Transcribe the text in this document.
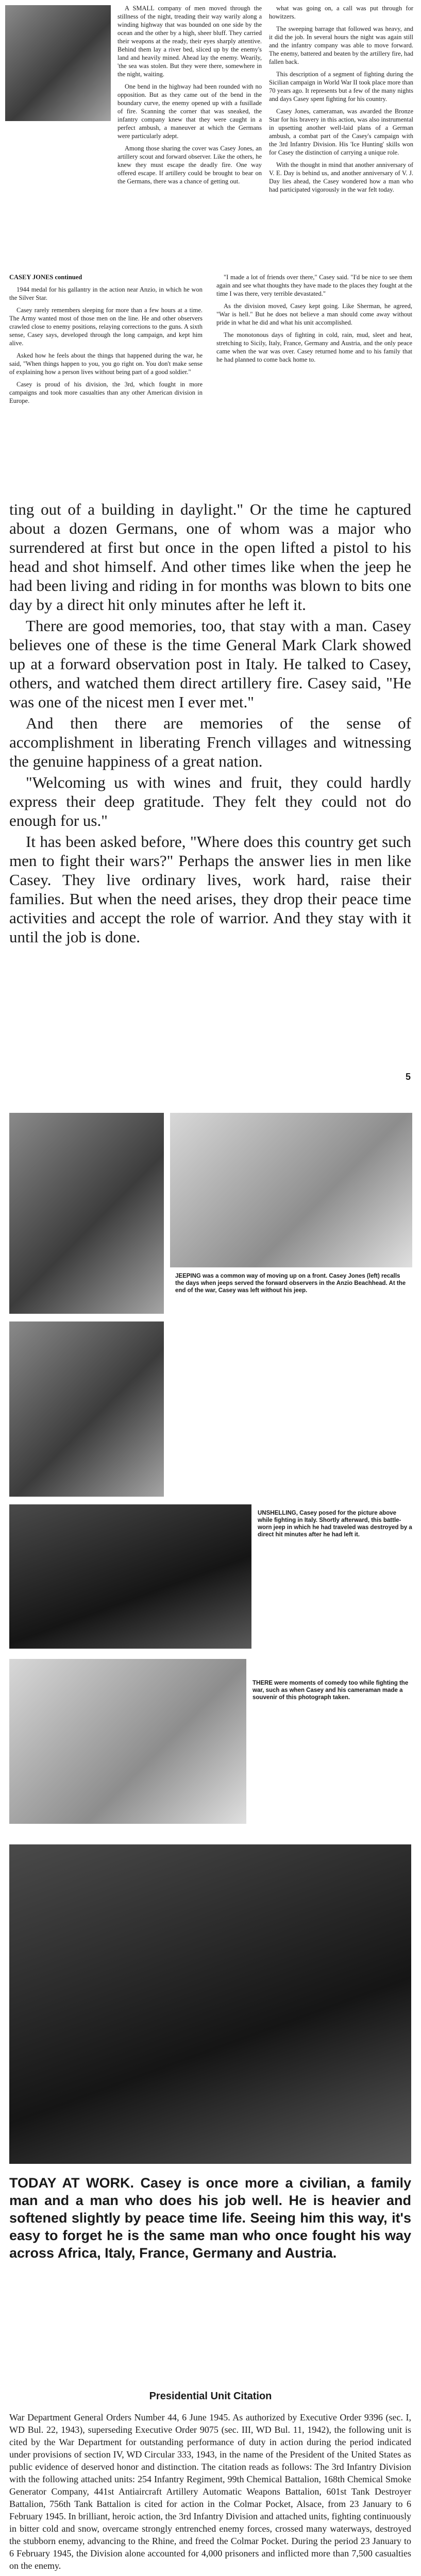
A SMALL company of men moved through the stillness of the night, treading their way warily along a winding highway that was bounded on one side by the ocean and the other by a high, sheer bluff. They carried their weapons at the ready, their eyes sharply attentive. Behind them lay a river bed, sliced up by the enemy's land and heavily mined. Ahead lay the enemy. Wearily, 'the sea was stolen. But they were there, somewhere in the night, waiting.

One bend in the highway had been rounded with no opposition. But as they came out of the bend in the boundary curve, the enemy opened up with a fusillade of fire. Scanning the corner that was sneaked, the infantry company knew that they were caught in a perfect ambush, a maneuver at which the Germans were particularly adept.

Among those sharing the cover was Casey Jones, an artillery scout and forward observer. Like the others, he knew they must escape the deadly fire. One way offered escape. If artillery could be brought to bear on the Germans, there was a chance of getting out.

what was going on, a call was put through for howitzers.

The sweeping barrage that followed was heavy, and it did the job. In several hours the night was again still and the infantry company was able to move forward. The enemy, battered and beaten by the artillery fire, had fallen back.

This description of a segment of fighting during the Sicilian campaign in World War II took place more than 70 years ago. It represents but a few of the many nights and days Casey spent fighting for his country.

Casey Jones, cameraman, was awarded the Bronze Star for his bravery in this action, was also instrumental in upsetting another well-laid plans of a German ambush, a combat part of the Casey's campaign with the 3rd Infantry Division. His 'Ice Hunting' skills won for Casey the distinction of carrying a unique role.

With the thought in mind that another anniversary of V. E. Day is behind us, and another anniversary of V. J. Day lies ahead, the Casey wondered how a man who had participated vigorously in the war felt today.

CASEY JONES continued

1944 medal for his gallantry in the action near Anzio, in which he won the Silver Star.

Casey rarely remembers sleeping for more than a few hours at a time. The Army wanted most of those men on the line. He and other observers crawled close to enemy positions, relaying corrections to the guns. A sixth sense, Casey says, developed through the long campaign, and kept him alive.

Asked how he feels about the things that happened during the war, he said, "When things happen to you, you go right on. You don't make sense of explaining how a person lives without being part of a good soldier."

Casey is proud of his division, the 3rd, which fought in more campaigns and took more casualties than any other American division in Europe.

"I made a lot of friends over there," Casey said. "I'd be nice to see them again and see what thoughts they have made to the places they fought at the time I was there, very terrible devastated."

As the division moved, Casey kept going. Like Sherman, he agreed, "War is hell." But he does not believe a man should come away without pride in what he did and what his unit accomplished.

The monotonous days of fighting in cold, rain, mud, sleet and heat, stretching to Sicily, Italy, France, Germany and Austria, and the only peace came when the war was over. Casey returned home and to his family that he had planned to come back home to.

ting out of a building in daylight." Or the time he captured about a dozen Germans, one of whom was a major who surrendered at first but once in the open lifted a pistol to his head and shot himself. And other times like when the jeep he had been living and riding in for months was blown to bits one day by a direct hit only minutes after he left it.

There are good memories, too, that stay with a man. Casey believes one of these is the time General Mark Clark showed up at a forward observation post in Italy. He talked to Casey, others, and watched them direct artillery fire. Casey said, "He was one of the nicest men I ever met."

And then there are memories of the sense of accomplishment in liberating French villages and witnessing the genuine happiness of a great nation.

"Welcoming us with wines and fruit, they could hardly express their deep gratitude. They felt they could not do enough for us."

It has been asked before, "Where does this country get such men to fight their wars?" Perhaps the answer lies in men like Casey. They live ordinary lives, work hard, raise their families. But when the need arises, they drop their peace time activities and accept the role of warrior. And they stay with it until the job is done.

5
JEEPING was a common way of moving up on a front. Casey Jones (left) recalls the days when jeeps served the forward observers in the Anzio Beachhead. At the end of the war, Casey was left without his jeep.
UNSHELLING, Casey posed for the picture above while fighting in Italy. Shortly afterward, this battle-worn jeep in which he had traveled was destroyed by a direct hit minutes after he had left it.
THERE were moments of comedy too while fighting the war, such as when Casey and his cameraman made a souvenir of this photograph taken.
TODAY AT WORK. Casey is once more a civilian, a family man and a man who does his job well. He is heavier and softened slightly by peace time life. Seeing him this way, it's easy to forget he is the same man who once fought his way across Africa, Italy, France, Germany and Austria.
Presidential Unit Citation
War Department General Orders Number 44, 6 June 1945. As authorized by Executive Order 9396 (sec. I, WD Bul. 22, 1943), superseding Executive Order 9075 (sec. III, WD Bul. 11, 1942), the following unit is cited by the War Department for outstanding performance of duty in action during the period indicated under provisions of section IV, WD Circular 333, 1943, in the name of the President of the United States as public evidence of deserved honor and distinction. The citation reads as follows: The 3rd Infantry Division with the following attached units: 254 Infantry Regiment, 99th Chemical Battalion, 168th Chemical Smoke Generator Company, 441st Antiaircraft Artillery Automatic Weapons Battalion, 601st Tank Destroyer Battalion, 756th Tank Battalion is cited for action in the Colmar Pocket, Alsace, from 23 January to 6 February 1945. In brilliant, heroic action, the 3rd Infantry Division and attached units, fighting continuously in bitter cold and snow, overcame strongly entrenched enemy forces, crossed many waterways, destroyed the stubborn enemy, advancing to the Rhine, and freed the Colmar Pocket. During the period 23 January to 6 February 1945, the Division alone accounted for 4,000 prisoners and inflicted more than 7,500 casualties on the enemy.
